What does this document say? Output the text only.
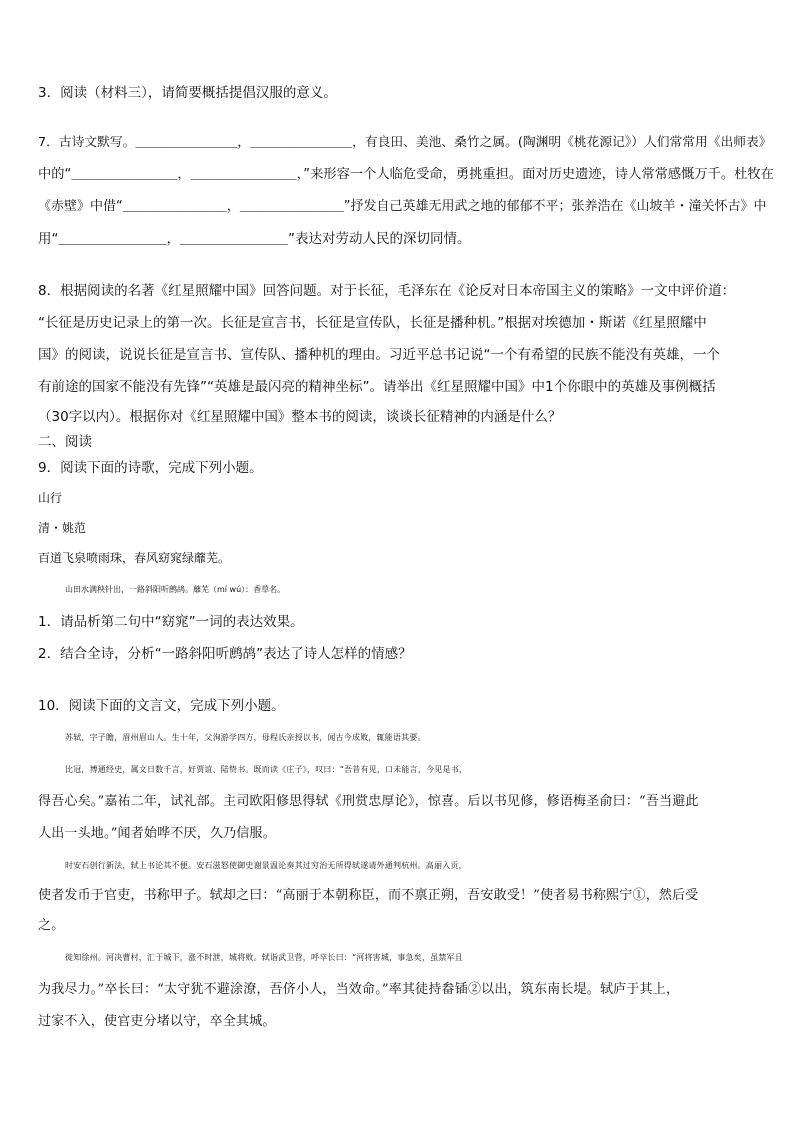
3．阅读（材料三），请简要概括提倡汉服的意义。
7．古诗文默写。＿＿＿＿＿＿＿＿，＿＿＿＿＿＿＿＿，有良田、美池、桑竹之属。(陶渊明《桃花源记》）人们常常用《出师表》
中的“＿＿＿＿＿＿＿＿，＿＿＿＿＿＿＿＿，”来形容一个人临危受命，勇挑重担。面对历史遗迹，诗人常常感慨万千。杜牧在
《赤壁》中借“＿＿＿＿＿＿＿＿，＿＿＿＿＿＿＿＿”抒发自己英雄无用武之地的郁郁不平；张养浩在《山坡羊・潼关怀古》中
用“＿＿＿＿＿＿＿＿，＿＿＿＿＿＿＿＿”表达对劳动人民的深切同情。
8．根据阅读的名著《红星照耀中国》回答问题。对于长征，毛泽东在《论反对日本帝国主义的策略》一文中评价道：
“长征是历史记录上的第一次。长征是宣言书，长征是宣传队，长征是播种机。”根据对埃德加・斯诺《红星照耀中
国》的阅读，说说长征是宣言书、宣传队、播种机的理由。习近平总书记说“一个有希望的民族不能没有英雄，一个
有前途的国家不能没有先锋”“英雄是最闪亮的精神坐标”。请举出《红星照耀中国》中1个你眼中的英雄及事例概括
（30字以内）。根据你对《红星照耀中国》整本书的阅读，谈谈长征精神的内涵是什么？
二、阅读
9．阅读下面的诗歌，完成下列小题。
山行
清・姚范
百道飞泉喷雨珠，春风窈窕绿蘼芜。
山田水满秧针出，一路斜阳听鹧鸪。蘼芜（mí wú）：香草名。
1．请品析第二句中“窈窕”一词的表达效果。
2．结合全诗，分析“一路斜阳听鹧鸪”表达了诗人怎样的情感？
10．阅读下面的文言文，完成下列小题。
苏轼，字子瞻，眉州眉山人。生十年，父洵游学四方，母程氏亲授以书，闻古今成败，辄能语其要。
比冠，博通经史，属文日数千言，好贾谊、陆贽书。既而读《庄子》，叹曰：“吾昔有见，口未能言，今见是书，
得吾心矣。”嘉祐二年，试礼部。主司欧阳修思得轼《刑赏忠厚论》，惊喜。后以书见修，修语梅圣俞曰：“吾当避此
人出一头地。”闻者始哗不厌，久乃信服。
时安石创行新法，轼上书论其不便。安石滋怒使御史谢景温论奏其过穷治无所得轼遂请外通判杭州。高丽入贡，
使者发币于官吏，书称甲子。轼却之曰：“高丽于本朝称臣，而不禀正朔，吾安敢受！”使者易书称熙宁①，然后受
之。
徙知徐州。河决曹村，汇于城下，涨不时泄，城将败。轼诣武卫营，呼卒长曰：“河将害城，事急矣，虽禁军且
为我尽力。”卒长曰：“太守犹不避涂潦，吾侪小人，当效命。”率其徒持畚锸②以出，筑东南长堤。轼庐于其上，
过家不入，使官吏分堵以守，卒全其城。
